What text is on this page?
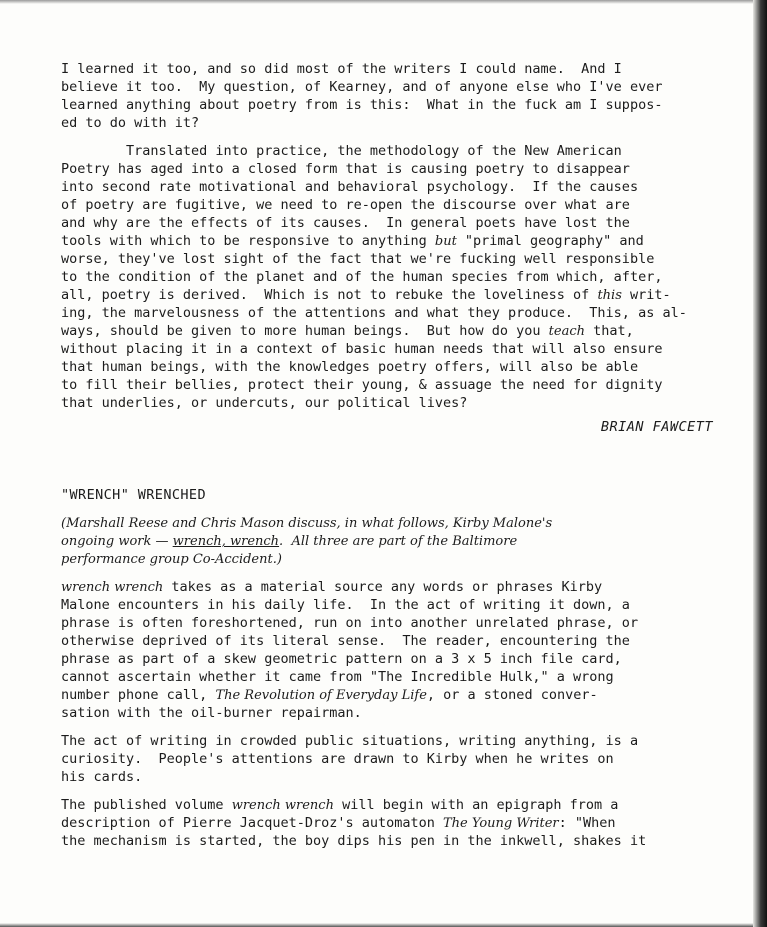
I learned it too, and so did most of the writers I could name.  And I
believe it too.  My question, of Kearney, and of anyone else who I've ever
learned anything about poetry from is this:  What in the fuck am I suppos-
ed to do with it?
Translated into practice, the methodology of the New American
Poetry has aged into a closed form that is causing poetry to disappear
into second rate motivational and behavioral psychology.  If the causes
of poetry are fugitive, we need to re-open the discourse over what are
and why are the effects of its causes.  In general poets have lost the
tools with which to be responsive to anything but "primal geography" and
worse, they've lost sight of the fact that we're fucking well responsible
to the condition of the planet and of the human species from which, after,
all, poetry is derived.  Which is not to rebuke the loveliness of this writ-
ing, the marvelousness of the attentions and what they produce.  This, as al-
ways, should be given to more human beings.  But how do you teach that,
without placing it in a context of basic human needs that will also ensure
that human beings, with the knowledges poetry offers, will also be able
to fill their bellies, protect their young, & assuage the need for dignity
that underlies, or undercuts, our political lives?
BRIAN FAWCETT
"WRENCH" WRENCHED
(Marshall Reese and Chris Mason discuss, in what follows, Kirby Malone's
ongoing work — wrench, wrench.  All three are part of the Baltimore
performance group Co-Accident.)
wrench wrench takes as a material source any words or phrases Kirby
Malone encounters in his daily life.  In the act of writing it down, a
phrase is often foreshortened, run on into another unrelated phrase, or
otherwise deprived of its literal sense.  The reader, encountering the
phrase as part of a skew geometric pattern on a 3 x 5 inch file card,
cannot ascertain whether it came from "The Incredible Hulk," a wrong
number phone call, The Revolution of Everyday Life, or a stoned conver-
sation with the oil-burner repairman.
The act of writing in crowded public situations, writing anything, is a
curiosity.  People's attentions are drawn to Kirby when he writes on
his cards.
The published volume wrench wrench will begin with an epigraph from a
description of Pierre Jacquet-Droz's automaton The Young Writer: "When
the mechanism is started, the boy dips his pen in the inkwell, shakes it
